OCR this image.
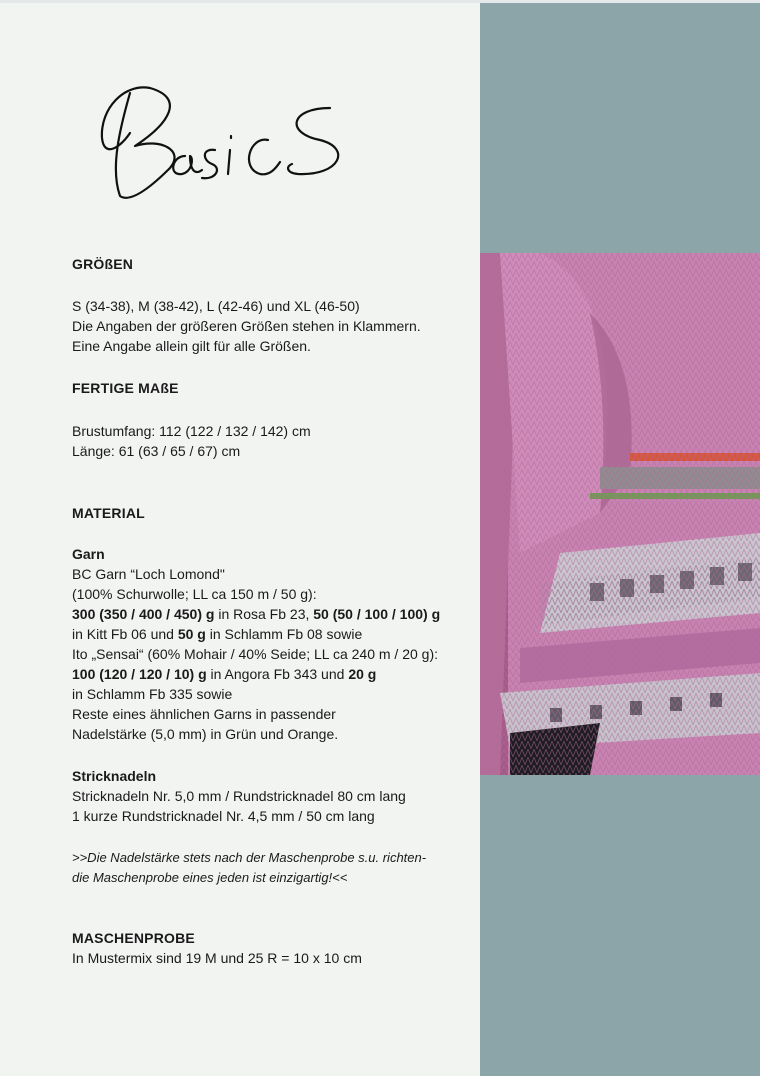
GRÖßEN

S (34-38), M (38-42), L (42-46) und XL (46-50)

Die Angaben der größeren Größen stehen in Klammern.

Eine Angabe allein gilt für alle Größen.

FERTIGE MAßE

Brustumfang: 112 (122 / 132 / 142) cm

Länge: 61 (63 / 65 / 67) cm

MATERIAL

Garn

BC Garn “Loch Lomond"

(100% Schurwolle; LL ca 150 m / 50 g):

300 (350 / 400 / 450) g in Rosa Fb 23, 50 (50 / 100 / 100) g

in Kitt Fb 06 und 50 g in Schlamm Fb 08 sowie

Ito „Sensai“ (60% Mohair / 40% Seide; LL ca 240 m / 20 g):

100 (120 / 120 / 10) g in Angora Fb 343 und 20 g

in Schlamm Fb 335 sowie

Reste eines ähnlichen Garns in passender

Nadelstärke (5,0 mm) in Grün und Orange.

Stricknadeln

Stricknadeln Nr. 5,0 mm / Rundstricknadel 80 cm lang

1 kurze Rundstricknadel Nr. 4,5 mm / 50 cm lang

>>Die Nadelstärke stets nach der Maschenprobe s.u. richten-

die Maschenprobe eines jeden ist einzigartig!<<

MASCHENPROBE

In Mustermix sind 19 M und 25 R = 10 x 10 cm
